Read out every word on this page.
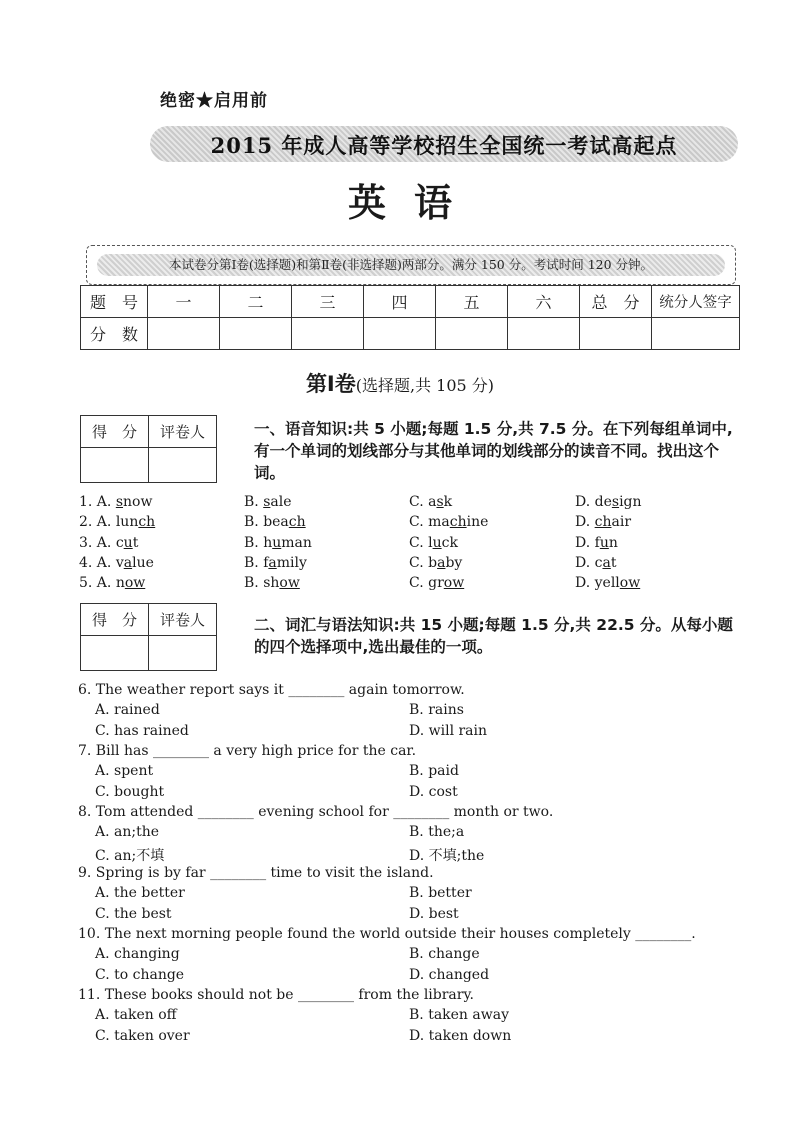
绝密★启用前
2015 年成人高等学校招生全国统一考试高起点
英语
本试卷分第Ⅰ卷(选择题)和第Ⅱ卷(非选择题)两部分。满分 150 分。考试时间 120 分钟。
题　号	一	二	三	四	五	六	总　分	统分人签字
分　数								
第Ⅰ卷(选择题,共 105 分)
得　分	评卷人
		一、语音知识:共 5 小题;每题 1.5 分,共 7.5 分。在下列每组单词中,有一个单词的划线部分与其他单词的划线部分的读音不同。找出这个词。
1. A. snow	B. sale	C. ask	D. design
2. A. lunch	B. beach	C. machine	D. chair
3. A. cut	B. human	C. luck	D. fun
4. A. value	B. family	C. baby	D. cat
5. A. now	B. show	C. grow	D. yellow
得　分	评卷人
		二、词汇与语法知识:共 15 小题;每题 1.5 分,共 22.5 分。从每小题的四个选择项中,选出最佳的一项。
6. The weather report says it ________ again tomorrow.
A. rained	B. rains
C. has rained	D. will rain
7. Bill has ________ a very high price for the car.
A. spent	B. paid
C. bought	D. cost
8. Tom attended ________ evening school for ________ month or two.
A. an;the	B. the;a
C. an;不填	D. 不填;the
9. Spring is by far ________ time to visit the island.
A. the better	B. better
C. the best	D. best
10. The next morning people found the world outside their houses completely ________.
A. changing	B. change
C. to change	D. changed
11. These books should not be ________ from the library.
A. taken off	B. taken away
C. taken over	D. taken down
